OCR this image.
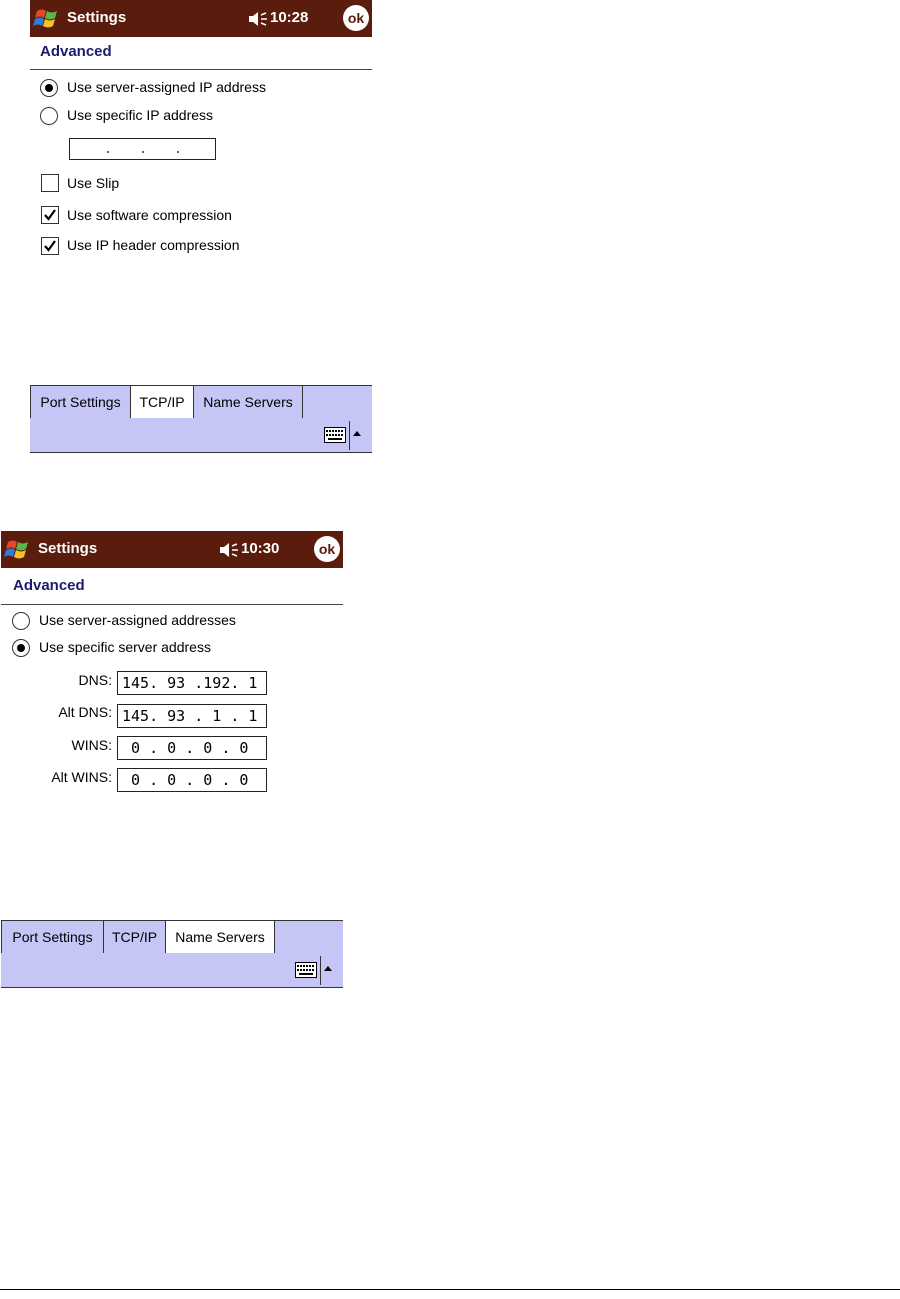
Settings	10:28	ok
Advanced
Use server-assigned IP address
Use specific IP address
Use Slip
Use software compression
Use IP header compression
Port Settings	TCP/IP	Name Servers
Settings	10:30	ok
Advanced
Use server-assigned addresses
Use specific server address
DNS: 145. 93 .192. 1
Alt DNS: 145. 93 . 1 . 1
WINS: 0 . 0 . 0 . 0
Alt WINS: 0 . 0 . 0 . 0
Port Settings	TCP/IP	Name Servers
